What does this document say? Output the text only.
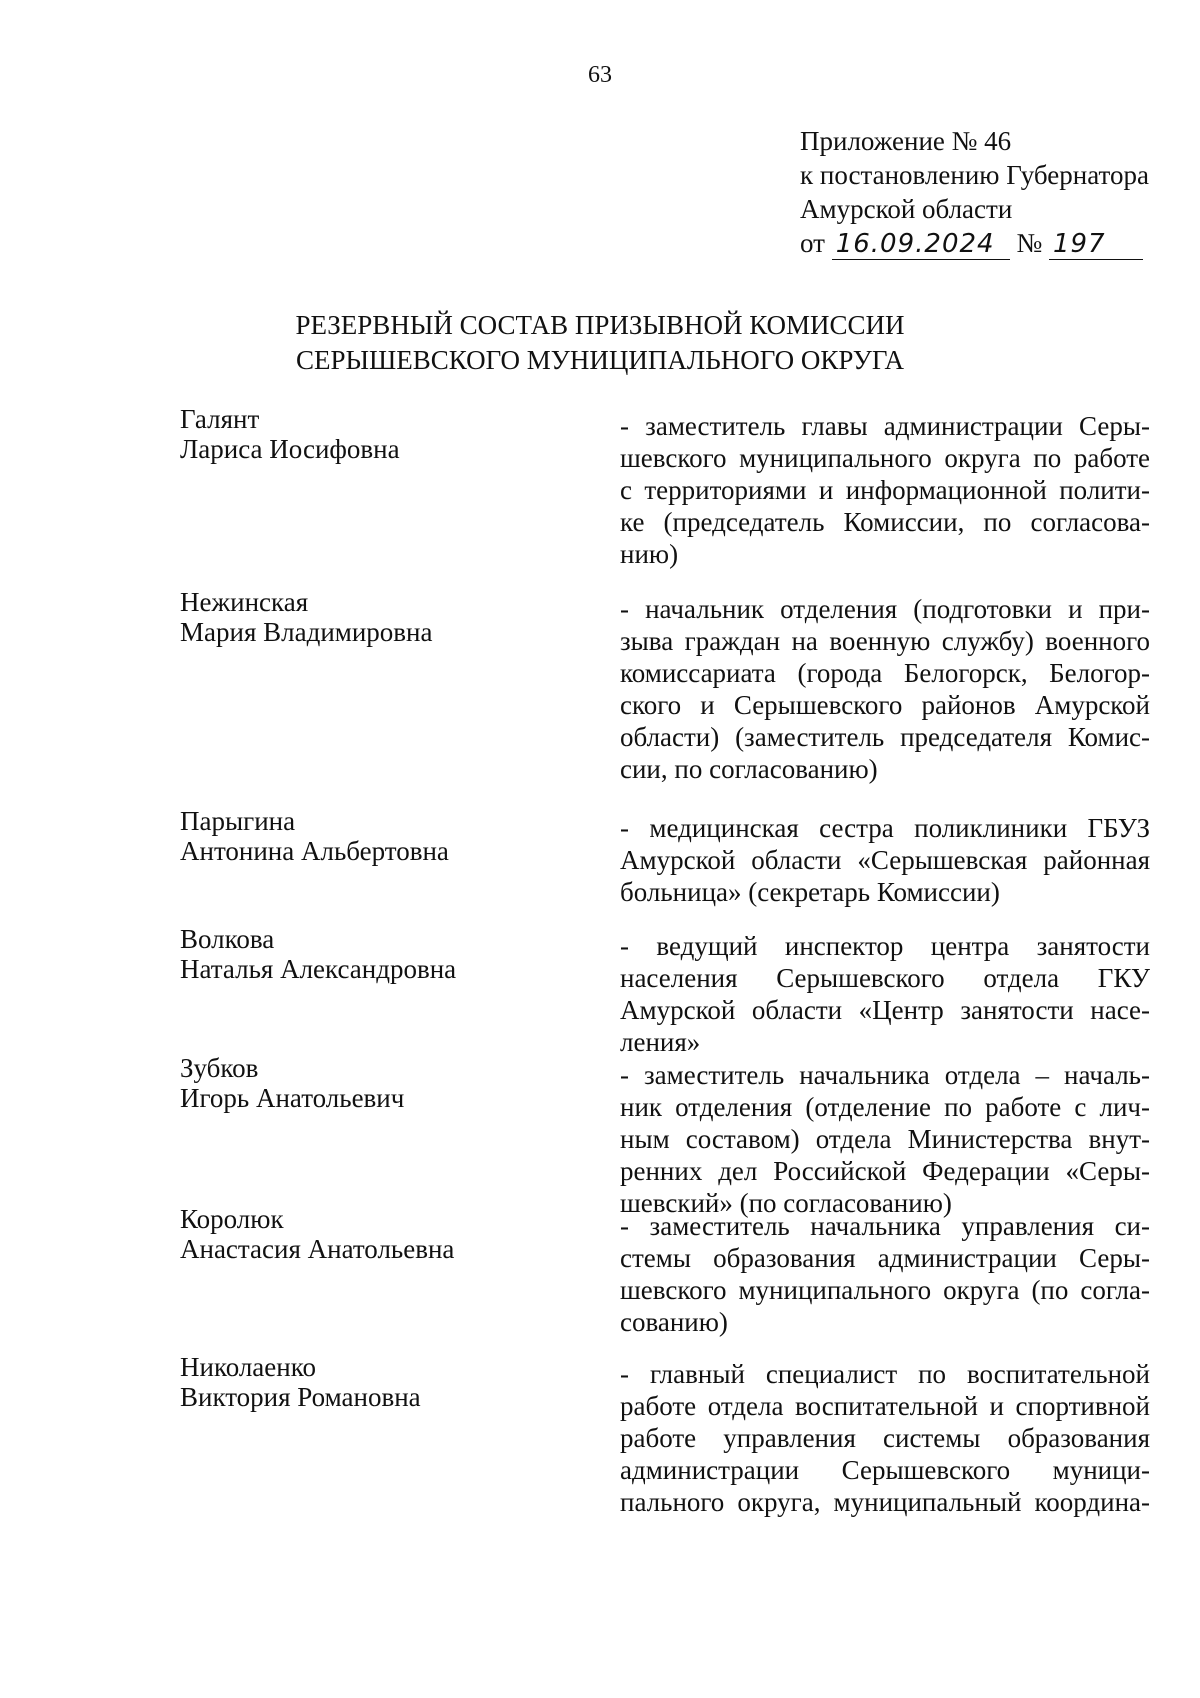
63
Приложение № 46
к постановлению Губернатора
Амурской области
от 16.09.2024 № 197
РЕЗЕРВНЫЙ СОСТАВ ПРИЗЫВНОЙ КОМИССИИ
СЕРЫШЕВСКОГО МУНИЦИПАЛЬНОГО ОКРУГА
Галянт
Лариса Иосифовна
- заместитель главы администрации Серы-
шевского муниципального округа по работе
с территориями и информационной полити-
ке (председатель Комиссии, по согласова-
нию)
Нежинская
Мария Владимировна
- начальник отделения (подготовки и при-
зыва граждан на военную службу) военного
комиссариата (города Белогорск, Белогор-
ского и Серышевского районов Амурской
области) (заместитель председателя Комис-
сии, по согласованию)
Парыгина
Антонина Альбертовна
- медицинская сестра поликлиники ГБУЗ
Амурской области «Серышевская районная
больница» (секретарь Комиссии)
Волкова
Наталья Александровна
- ведущий инспектор центра занятости
населения Серышевского отдела ГКУ
Амурской области «Центр занятости насе-
ления»
Зубков
Игорь Анатольевич
- заместитель начальника отдела – началь-
ник отделения (отделение по работе с лич-
ным составом) отдела Министерства внут-
ренних дел Российской Федерации «Серы-
шевский» (по согласованию)
Королюк
Анастасия Анатольевна
- заместитель начальника управления си-
стемы образования администрации Серы-
шевского муниципального округа (по согла-
сованию)
Николаенко
Виктория Романовна
- главный специалист по воспитательной
работе отдела воспитательной и спортивной
работе управления системы образования
администрации Серышевского муници-
пального округа, муниципальный координа-
